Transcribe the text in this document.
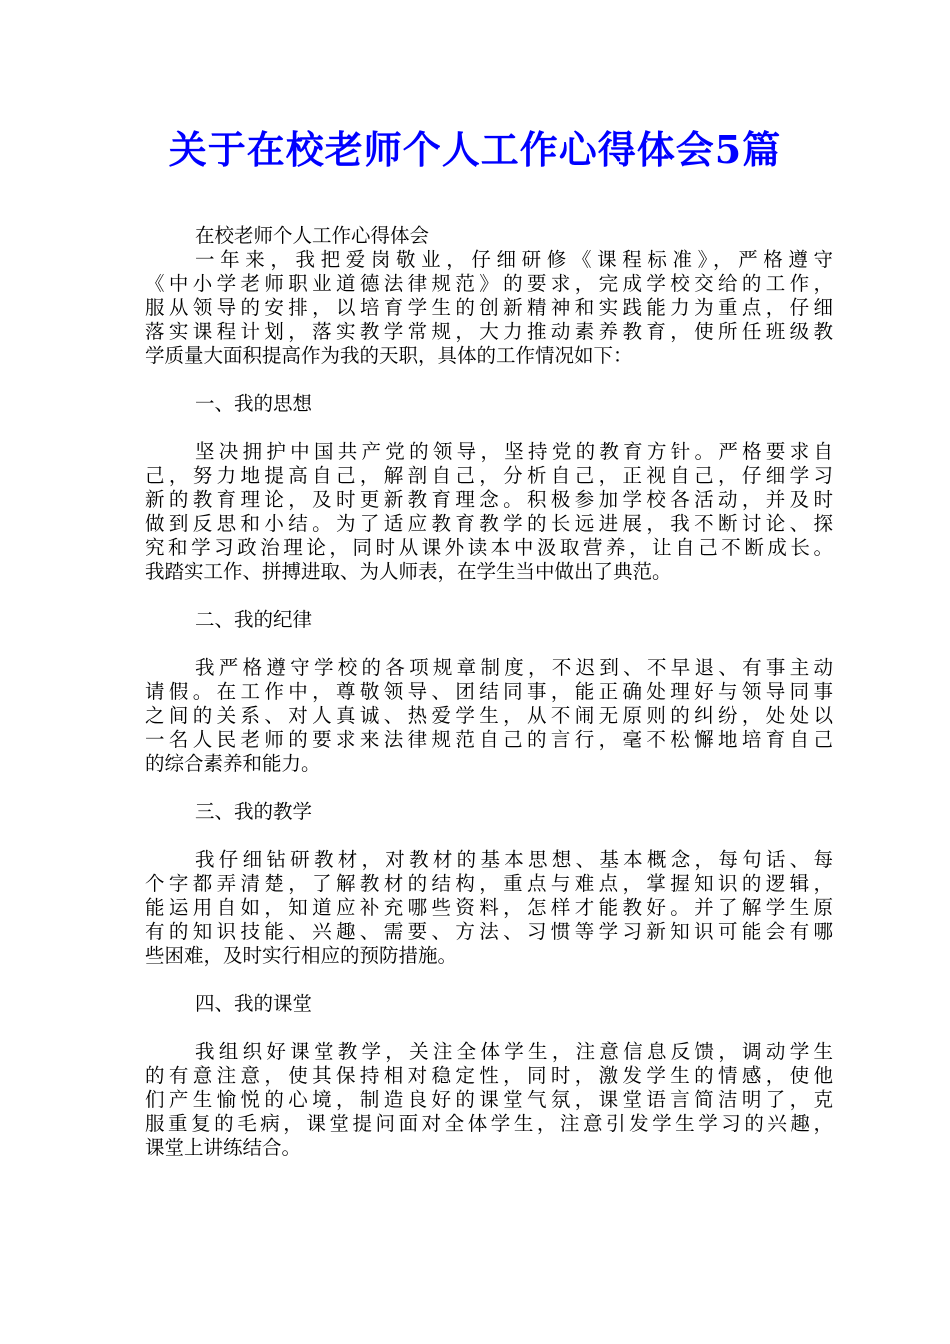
关于在校老师个人工作心得体会5篇
在校老师个人工作心得体会
一年来，我把爱岗敬业，仔细研修《课程标准》，严格遵守
《中小学老师职业道德法律规范》的要求，完成学校交给的工作，
服从领导的安排，以培育学生的创新精神和实践能力为重点，仔细
落实课程计划，落实教学常规，大力推动素养教育，使所任班级教
学质量大面积提高作为我的天职，具体的工作情况如下：
一、我的思想
坚决拥护中国共产党的领导，坚持党的教育方针。严格要求自
己，努力地提高自己，解剖自己，分析自己，正视自己，仔细学习
新的教育理论，及时更新教育理念。积极参加学校各活动，并及时
做到反思和小结。为了适应教育教学的长远进展，我不断讨论、探
究和学习政治理论，同时从课外读本中汲取营养，让自己不断成长。
我踏实工作、拼搏进取、为人师表，在学生当中做出了典范。
二、我的纪律
我严格遵守学校的各项规章制度，不迟到、不早退、有事主动
请假。在工作中，尊敬领导、团结同事，能正确处理好与领导同事
之间的关系、对人真诚、热爱学生，从不闹无原则的纠纷，处处以
一名人民老师的要求来法律规范自己的言行，毫不松懈地培育自己
的综合素养和能力。
三、我的教学
我仔细钻研教材，对教材的基本思想、基本概念，每句话、每
个字都弄清楚，了解教材的结构，重点与难点，掌握知识的逻辑，
能运用自如，知道应补充哪些资料，怎样才能教好。并了解学生原
有的知识技能、兴趣、需要、方法、习惯等学习新知识可能会有哪
些困难，及时实行相应的预防措施。
四、我的课堂
我组织好课堂教学，关注全体学生，注意信息反馈，调动学生
的有意注意，使其保持相对稳定性，同时，激发学生的情感，使他
们产生愉悦的心境，制造良好的课堂气氛，课堂语言简洁明了，克
服重复的毛病，课堂提问面对全体学生，注意引发学生学习的兴趣，
课堂上讲练结合。
